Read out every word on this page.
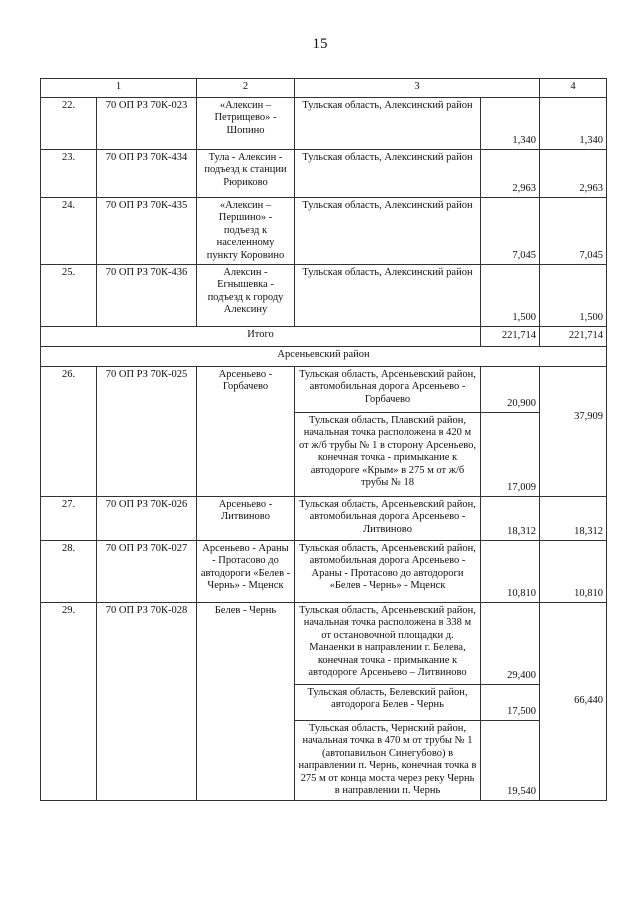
15
1		2	3		4
22.	70 ОП РЗ 70К-023	«Алексин – Петрищево» - Шопино	Тульская область, Алексинский район	1,340	1,340
23.	70 ОП РЗ 70К-434	Тула - Алексин - подъезд к станции Рюриково	Тульская область, Алексинский район	2,963	2,963
24.	70 ОП РЗ 70К-435	«Алексин – Першино» - подъезд к населенному пункту Коровино	Тульская область, Алексинский район	7,045	7,045
25.	70 ОП РЗ 70К-436	Алексин - Егнышевка - подъезд к городу Алексину	Тульская область, Алексинский район	1,500	1,500
Итого				221,714	221,714
Арсеньевский район					
26.	70 ОП РЗ 70К-025	Арсеньево - Горбачево	Тульская область, Арсеньевский район, автомобильная дорога Арсеньево - Горбачево	20,900	37,909
			Тульская область, Плавский район, начальная точка расположена в 420 м от ж/б трубы № 1 в сторону Арсеньево, конечная точка - примыкание к автодороге «Крым» в 275 м от ж/б трубы № 18	17,009	
27.	70 ОП РЗ 70К-026	Арсеньево - Литвиново	Тульская область, Арсеньевский район, автомобильная дорога Арсеньево - Литвиново	18,312	18,312
28.	70 ОП РЗ 70К-027	Арсеньево - Араны - Протасово до автодороги «Белев - Чернь» - Мценск	Тульская область, Арсеньевский район, автомобильная дорога Арсеньево - Араны - Протасово до автодороги «Белев - Чернь» - Мценск	10,810	10,810
29.	70 ОП РЗ 70К-028	Белев - Чернь	Тульская область, Арсеньевский район, начальная точка расположена в 338 м от остановочной площадки д. Манаенки в направлении г. Белева, конечная точка - примыкание к автодороге Арсеньево – Литвиново	29,400	66,440
			Тульская область, Белевский район, автодорога Белев - Чернь	17,500	
			Тульская область, Чернский район, начальная точка в 470 м от трубы № 1 (автопавильон Синегубово) в направлении п. Чернь, конечная точка в 275 м от конца моста через реку Чернь в направлении п. Чернь	19,540	
